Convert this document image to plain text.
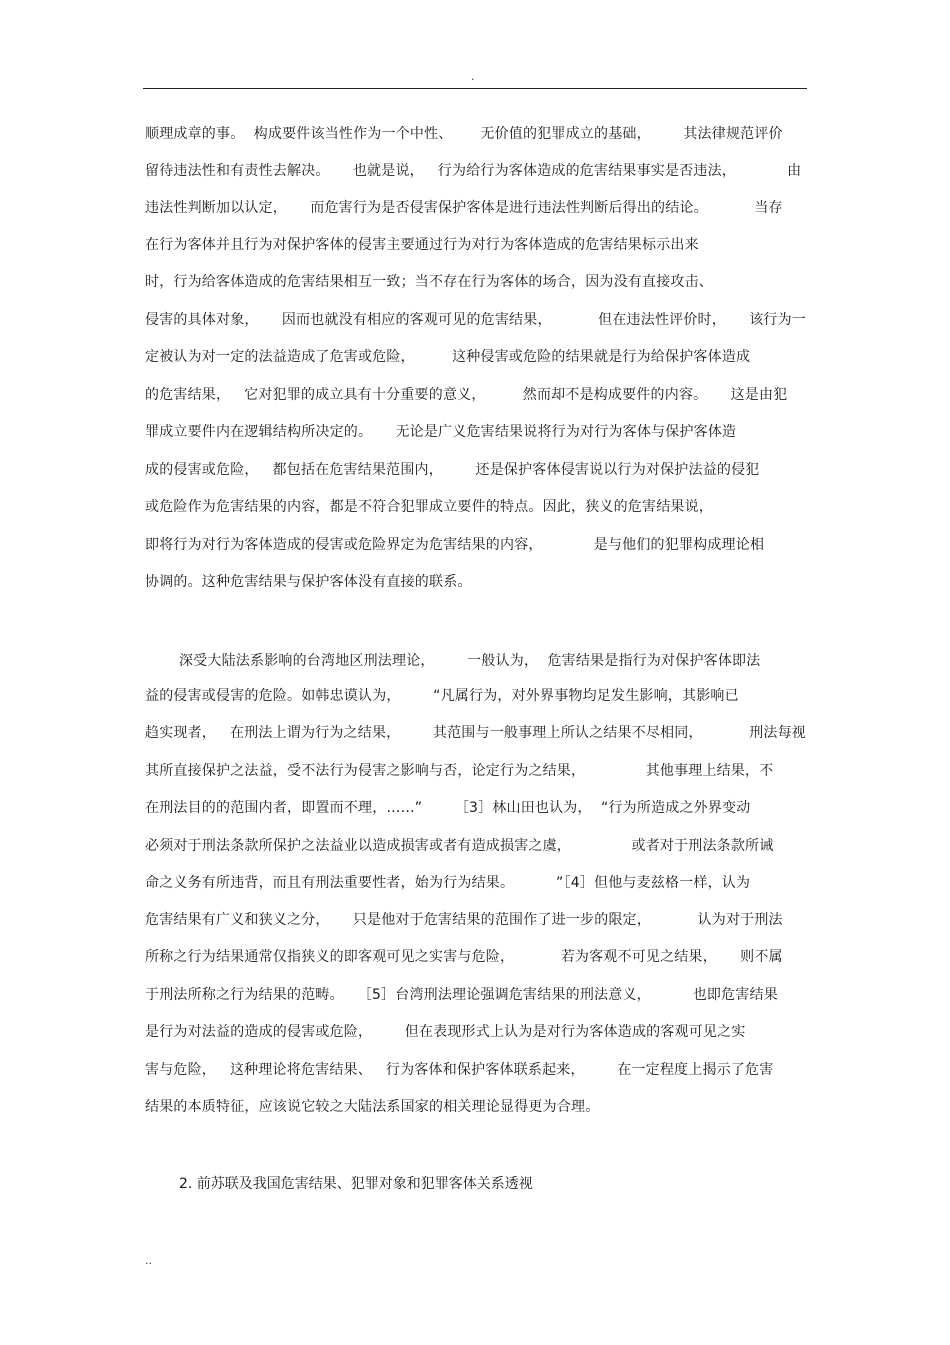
.
顺理成章的事。  构成要件该当性作为一个中性、      无价值的犯罪成立的基础，       其法律规范评价
留待违法性和有责性去解决。     也就是说，   行为给行为客体造成的危害结果事实是否违法，           由
违法性判断加以认定，     而危害行为是否侵害保护客体是进行违法性判断后得出的结论。          当存
在行为客体并且行为对保护客体的侵害主要通过行为对行为客体造成的危害结果标示出来
时，行为给客体造成的危害结果相互一致；当不存在行为客体的场合，因为没有直接攻击、
侵害的具体对象，     因而也就没有相应的客观可见的危害结果，          但在违法性评价时，     该行为一
定被认为对一定的法益造成了危害或危险，        这种侵害或危险的结果就是行为给保护客体造成
的危害结果，   它对犯罪的成立具有十分重要的意义，        然而却不是构成要件的内容。     这是由犯
罪成立要件内在逻辑结构所决定的。     无论是广义危害结果说将行为对行为客体与保护客体造
成的侵害或危险，   都包括在危害结果范围内，       还是保护客体侵害说以行为对保护法益的侵犯
或危险作为危害结果的内容，都是不符合犯罪成立要件的特点。因此，狭义的危害结果说，
即将行为对行为客体造成的侵害或危险界定为危害结果的内容，           是与他们的犯罪构成理论相
协调的。这种危害结果与保护客体没有直接的联系。
深受大陆法系影响的台湾地区刑法理论，       一般认为，  危害结果是指行为对保护客体即法
益的侵害或侵害的危险。如韩忠谟认为，       “凡属行为，对外界事物均足发生影响，其影响已
趋实现者，   在刑法上谓为行为之结果，       其范围与一般事理上所认之结果不尽相同，          刑法每视
其所直接保护之法益，受不法行为侵害之影响与否，论定行为之结果，             其他事理上结果，不
在刑法目的的范围内者，即置而不理，……”       ［3］林山田也认为，  “行为所造成之外界变动
必须对于刑法条款所保护之法益业以造成损害或者有造成损害之虞，             或者对于刑法条款所诫
命之义务有所违背，而且有刑法重要性者，始为行为结果。         ”［4］但他与麦兹格一样，认为
危害结果有广义和狭义之分，     只是他对于危害结果的范围作了进一步的限定，          认为对于刑法
所称之行为结果通常仅指狭义的即客观可见之实害与危险，          若为客观不可见之结果，     则不属
于刑法所称之行为结果的范畴。   ［5］台湾刑法理论强调危害结果的刑法意义，         也即危害结果
是行为对法益的造成的侵害或危险，       但在表现形式上认为是对行为客体造成的客观可见之实
害与危险，   这种理论将危害结果、   行为客体和保护客体联系起来，       在一定程度上揭示了危害
结果的本质特征，应该说它较之大陆法系国家的相关理论显得更为合理。
2. 前苏联及我国危害结果、犯罪对象和犯罪客体关系透视
..
